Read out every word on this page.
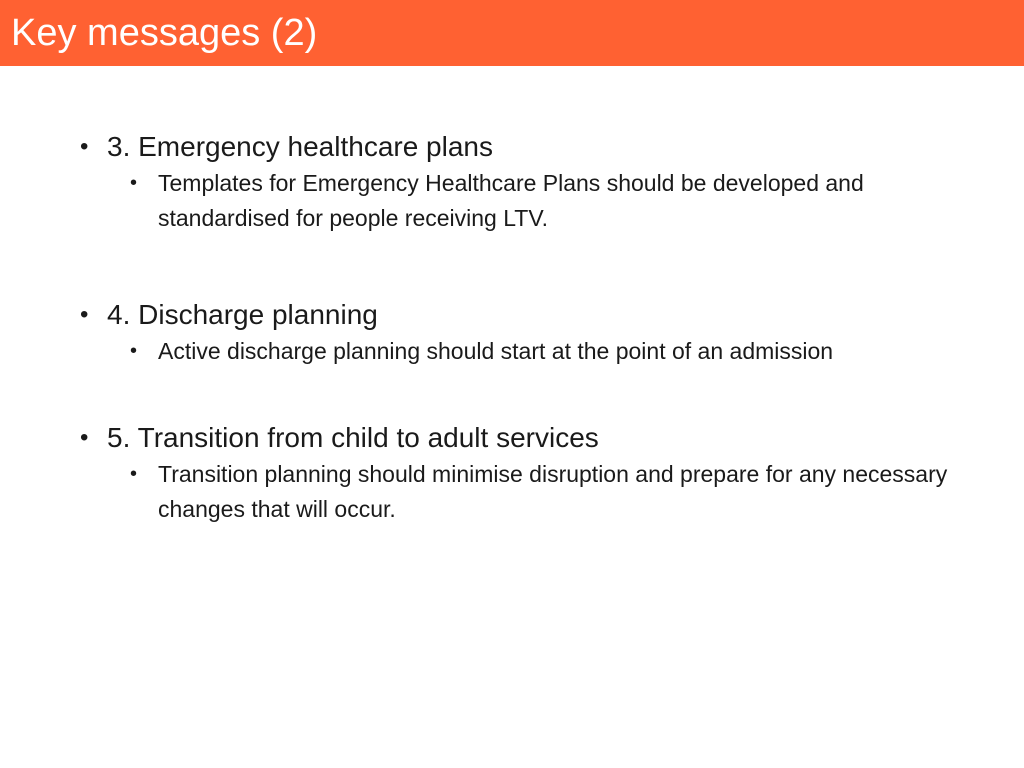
Key messages (2)
• 3. Emergency healthcare plans
• Templates for Emergency Healthcare Plans should be developed and standardised for people receiving LTV.
• 4. Discharge planning
• Active discharge planning should start at the point of an admission
• 5. Transition from child to adult services
• Transition planning should minimise disruption and prepare for any necessary changes that will occur.
